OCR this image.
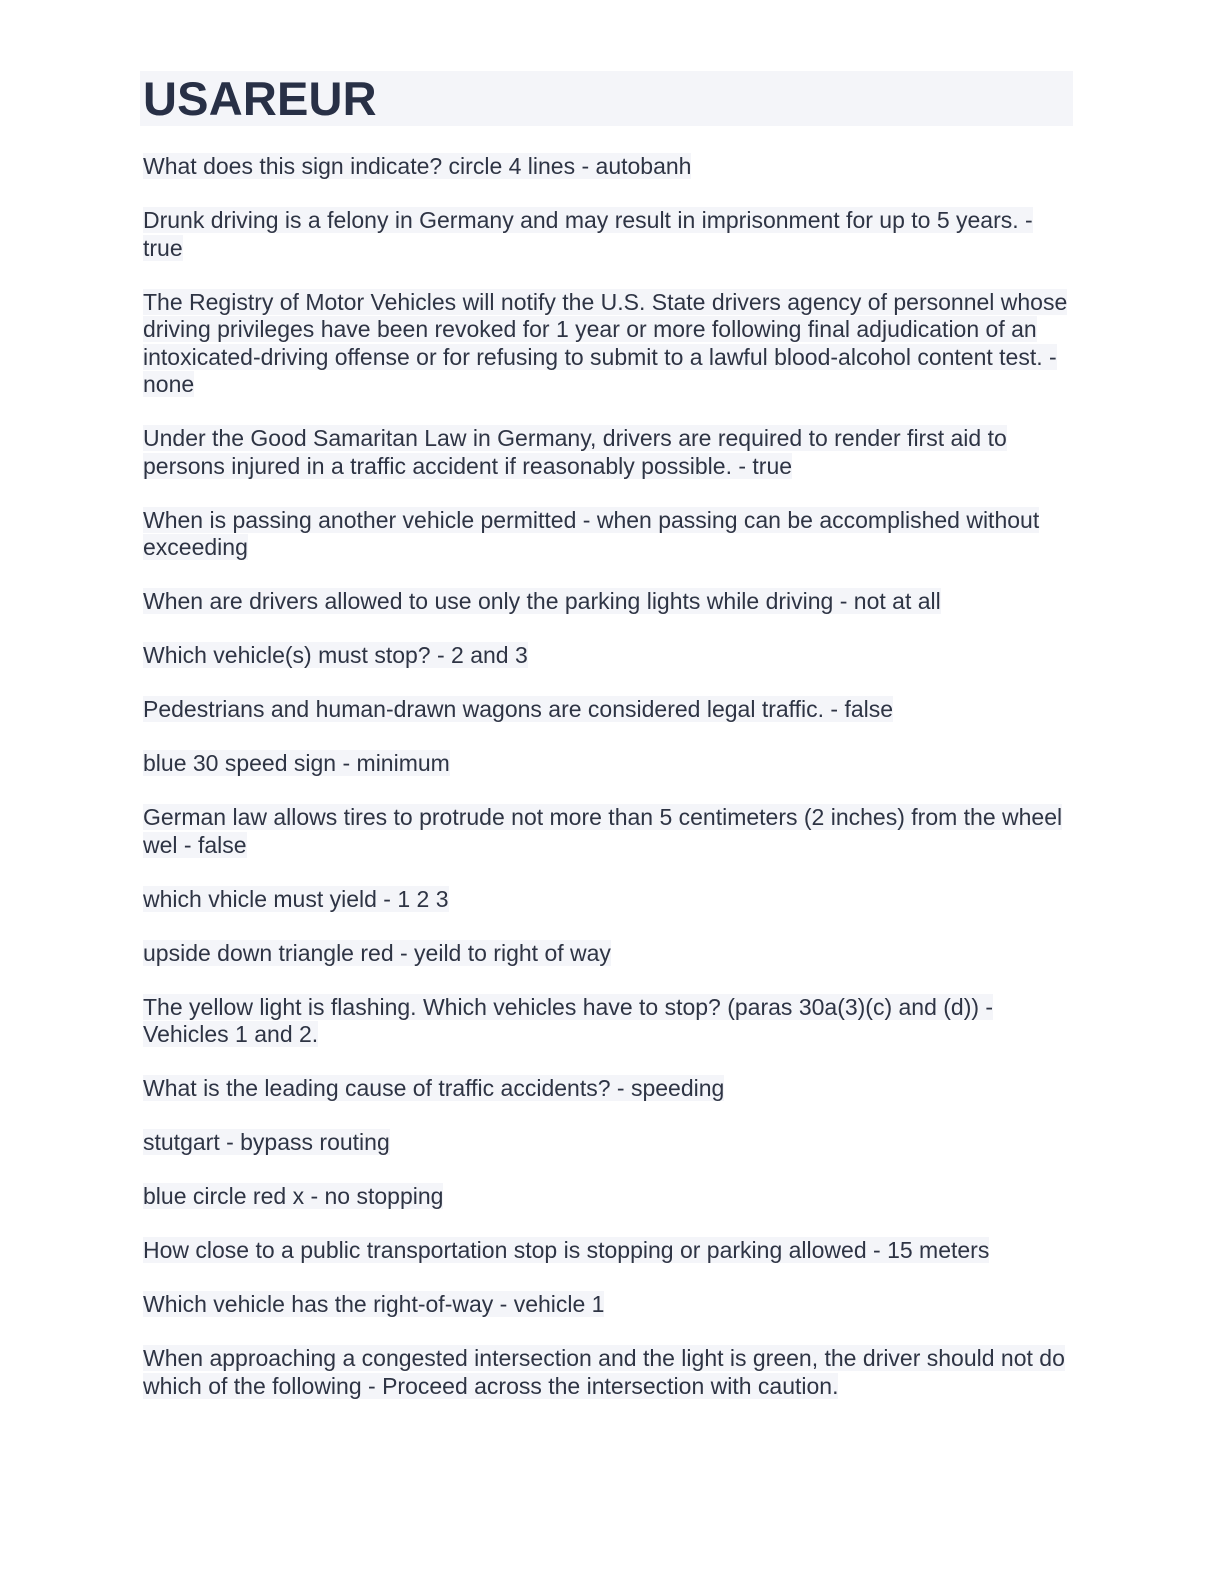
USAREUR
What does this sign indicate? circle 4 lines - autobanh
Drunk driving is a felony in Germany and may result in imprisonment for up to 5 years. - true
The Registry of Motor Vehicles will notify the U.S. State drivers agency of personnel whose driving privileges have been revoked for 1 year or more following final adjudication of an intoxicated-driving offense or for refusing to submit to a lawful blood-alcohol content test. - none
Under the Good Samaritan Law in Germany, drivers are required to render first aid to persons injured in a traffic accident if reasonably possible. - true
When is passing another vehicle permitted - when passing can be accomplished without exceeding
When are drivers allowed to use only the parking lights while driving - not at all
Which vehicle(s) must stop? - 2 and 3
Pedestrians and human-drawn wagons are considered legal traffic. - false
blue 30 speed sign - minimum
German law allows tires to protrude not more than 5 centimeters (2 inches) from the wheel wel - false
which vhicle must yield - 1 2 3
upside down triangle red - yeild to right of way
The yellow light is flashing. Which vehicles have to stop? (paras 30a(3)(c) and (d)) - Vehicles 1 and 2.
What is the leading cause of traffic accidents? - speeding
stutgart - bypass routing
blue circle red x - no stopping
How close to a public transportation stop is stopping or parking allowed - 15 meters
Which vehicle has the right-of-way - vehicle 1
When approaching a congested intersection and the light is green, the driver should not do which of the following - Proceed across the intersection with caution.
